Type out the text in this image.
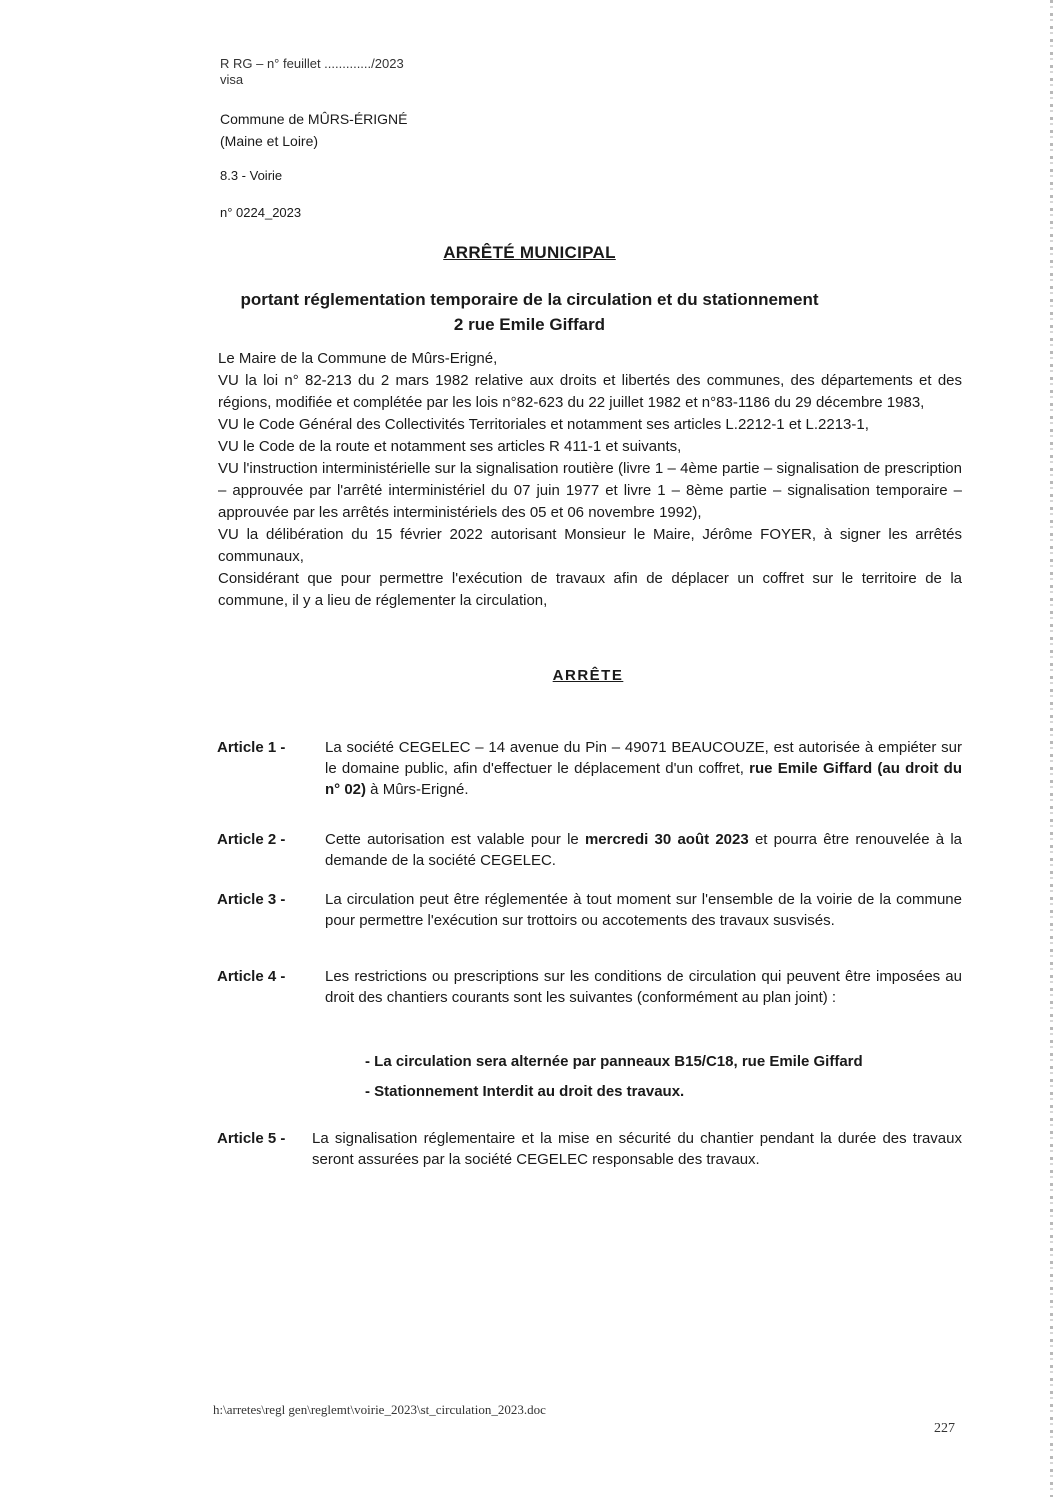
R RG – n° feuillet ............./2023
visa
Commune de MÛRS-ÉRIGNÉ
(Maine et Loire)
8.3 - Voirie
n° 0224_2023
ARRÊTÉ MUNICIPAL
portant réglementation temporaire de la circulation et du stationnement
2 rue Emile Giffard

Le Maire de la Commune de Mûrs-Erigné,

VU la loi n° 82-213 du 2 mars 1982 relative aux droits et libertés des communes, des départements et des régions, modifiée et complétée par les lois n°82-623 du 22 juillet 1982 et n°83-1186 du 29 décembre 1983,

VU le Code Général des Collectivités Territoriales et notamment ses articles L.2212-1 et L.2213-1,

VU le Code de la route et notamment ses articles R 411-1 et suivants,

VU l'instruction interministérielle sur la signalisation routière (livre 1 – 4ème partie – signalisation de prescription – approuvée par l'arrêté interministériel du 07 juin 1977 et livre 1 – 8ème partie – signalisation temporaire – approuvée par les arrêtés interministériels des 05 et 06 novembre 1992),

VU la délibération du 15 février 2022 autorisant Monsieur le Maire, Jérôme FOYER, à signer les arrêtés communaux,

Considérant que pour permettre l'exécution de travaux afin de déplacer un coffret sur le territoire de la commune, il y a lieu de réglementer la circulation,

ARRÊTE
Article 1 -	La société CEGELEC – 14 avenue du Pin – 49071 BEAUCOUZE, est autorisée à empiéter sur le domaine public, afin d'effectuer le déplacement d'un coffret, rue Emile Giffard (au droit du n° 02) à Mûrs-Erigné.
Article 2 -	Cette autorisation est valable pour le mercredi 30 août 2023 et pourra être renouvelée à la demande de la société CEGELEC.
Article 3 -	La circulation peut être réglementée à tout moment sur l'ensemble de la voirie de la commune pour permettre l'exécution sur trottoirs ou accotements des travaux susvisés.
Article 4 -	Les restrictions ou prescriptions sur les conditions de circulation qui peuvent être imposées au droit des chantiers courants sont les suivantes (conformément au plan joint) :
- La circulation sera alternée par panneaux B15/C18, rue Emile Giffard
- Stationnement Interdit au droit des travaux.
Article 5 - La signalisation réglementaire et la mise en sécurité du chantier pendant la durée des travaux seront assurées par la société CEGELEC responsable des travaux.
h:\arretes\regl gen\reglemt\voirie_2023\st_circulation_2023.doc
227
